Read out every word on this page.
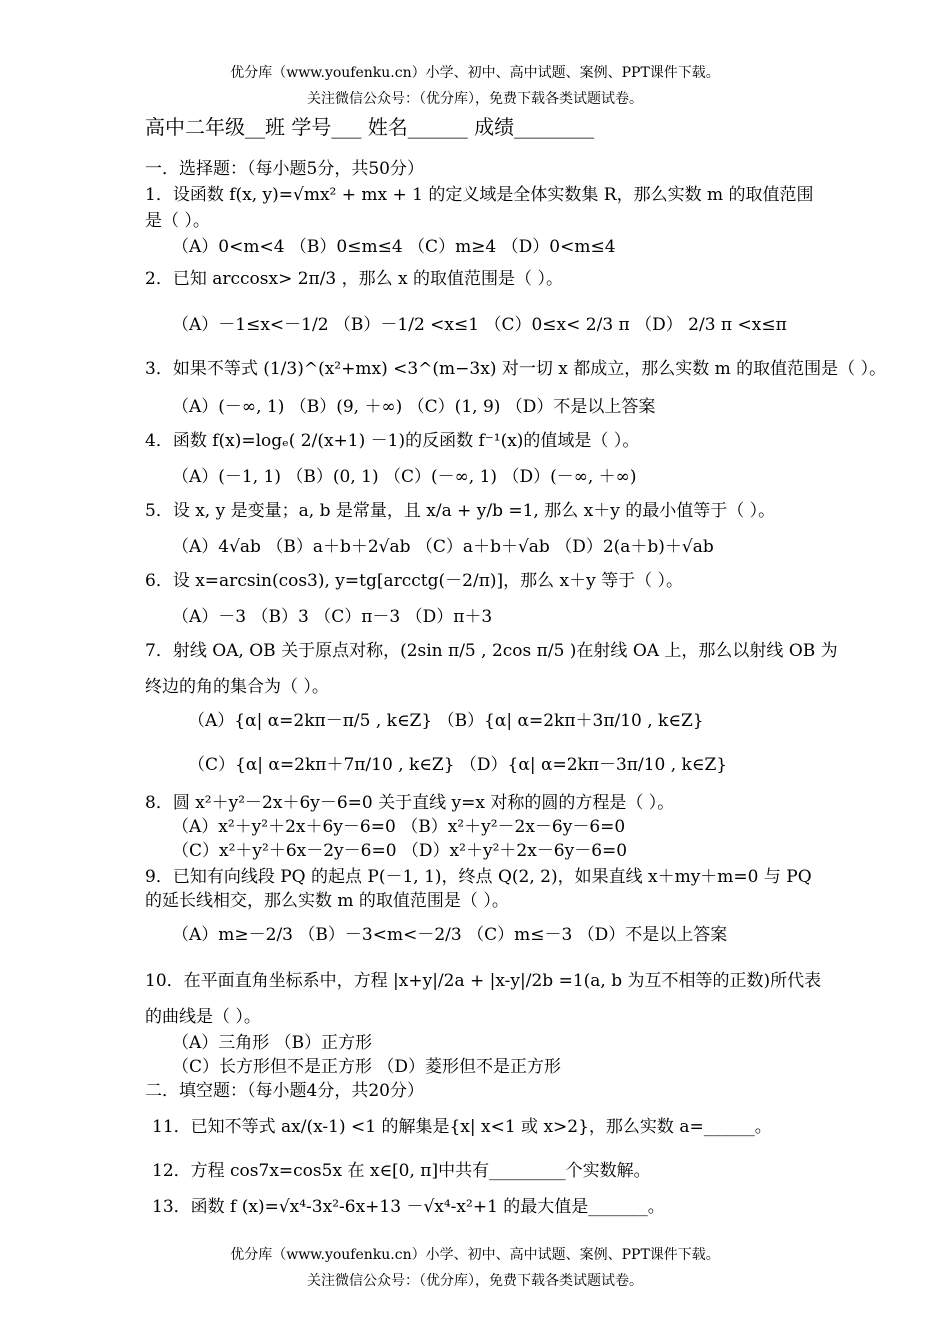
优分库（www.youfenku.cn）小学、初中、高中试题、案例、PPT课件下载。
关注微信公众号：（优分库），免费下载各类试题试卷。
高中二年级__班 学号___ 姓名______ 成绩________
一．选择题：（每小题5分，共50分）
1．设函数 f(x, y)=√mx² + mx + 1 的定义域是全体实数集 R，那么实数 m 的取值范围
是（ ）。
（A）0<m<4 （B）0≤m≤4 （C）m≥4 （D）0<m≤4
2．已知 arccosx> 2π/3 ，那么 x 的取值范围是（ ）。
（A）－1≤x<－1/2 （B）－1/2 <x≤1 （C）0≤x< 2/3 π （D） 2/3 π <x≤π
3．如果不等式 (1/3)^(x²+mx) <3^(m−3x) 对一切 x 都成立，那么实数 m 的取值范围是（ ）。
（A）(－∞, 1) （B）(9, ＋∞) （C）(1, 9) （D）不是以上答案
4．函数 f(x)=logₑ( 2/(x+1) －1)的反函数 f⁻¹(x)的值域是（ ）。
（A）(－1, 1) （B）(0, 1) （C）(－∞, 1) （D）(－∞, ＋∞)
5．设 x, y 是变量；a, b 是常量，且 x/a + y/b =1, 那么 x＋y 的最小值等于（ ）。
（A）4√ab （B）a＋b＋2√ab （C）a＋b＋√ab （D）2(a＋b)＋√ab
6．设 x=arcsin(cos3), y=tg[arcctg(－2/π)]，那么 x＋y 等于（ ）。
（A）－3 （B）3 （C）π－3 （D）π＋3
7．射线 OA, OB 关于原点对称，(2sin π/5 , 2cos π/5 )在射线 OA 上，那么以射线 OB 为
终边的角的集合为（ ）。
（A）{α| α=2kπ－π/5 , k∈Z} （B）{α| α=2kπ＋3π/10 , k∈Z}
（C）{α| α=2kπ＋7π/10 , k∈Z} （D）{α| α=2kπ－3π/10 , k∈Z}
8．圆 x²＋y²－2x＋6y－6=0 关于直线 y=x 对称的圆的方程是（ ）。
（A）x²＋y²＋2x＋6y－6=0 （B）x²＋y²－2x－6y－6=0
（C）x²＋y²＋6x－2y－6=0 （D）x²＋y²＋2x－6y－6=0
9．已知有向线段 PQ 的起点 P(－1, 1)，终点 Q(2, 2)，如果直线 x＋my＋m=0 与 PQ
的延长线相交，那么实数 m 的取值范围是（ ）。
（A）m≥－2/3 （B）－3<m<－2/3 （C）m≤－3 （D）不是以上答案
10．在平面直角坐标系中，方程 |x+y|/2a + |x-y|/2b =1(a, b 为互不相等的正数)所代表
的曲线是（ ）。
（A）三角形 （B）正方形
（C）长方形但不是正方形 （D）菱形但不是正方形
二．填空题：（每小题4分，共20分）
11．已知不等式 ax/(x-1) <1 的解集是{x| x<1 或 x>2}，那么实数 a=______。
12．方程 cos7x=cos5x 在 x∈[0, π]中共有_________个实数解。
13．函数 f (x)=√x⁴-3x²-6x+13 －√x⁴-x²+1 的最大值是_______。
优分库（www.youfenku.cn）小学、初中、高中试题、案例、PPT课件下载。
关注微信公众号：（优分库），免费下载各类试题试卷。
